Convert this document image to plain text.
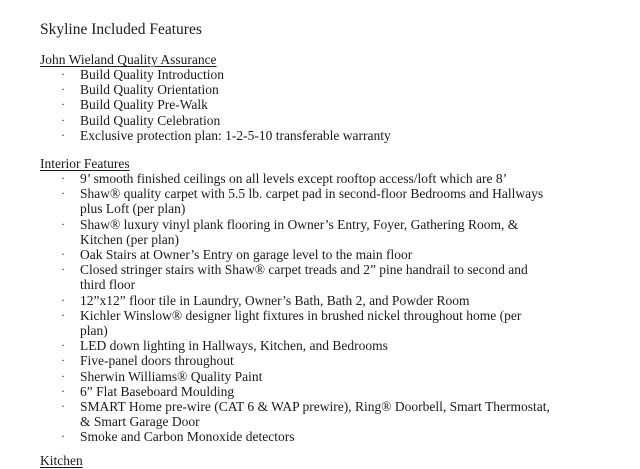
Skyline Included Features
John Wieland Quality Assurance
· Build Quality Introduction
· Build Quality Orientation
· Build Quality Pre-Walk
· Build Quality Celebration
· Exclusive protection plan: 1-2-5-10 transferable warranty
Interior Features
· 9’ smooth finished ceilings on all levels except rooftop access/loft which are 8’
· Shaw® quality carpet with 5.5 lb. carpet pad in second-floor Bedrooms and Hallways plus Loft (per plan)
· Shaw® luxury vinyl plank flooring in Owner’s Entry, Foyer, Gathering Room, & Kitchen (per plan)
· Oak Stairs at Owner’s Entry on garage level to the main floor
· Closed stringer stairs with Shaw® carpet treads and 2” pine handrail to second and third floor
· 12”x12” floor tile in Laundry, Owner’s Bath, Bath 2, and Powder Room
· Kichler Winslow® designer light fixtures in brushed nickel throughout home (per plan)
· LED down lighting in Hallways, Kitchen, and Bedrooms
· Five-panel doors throughout
· Sherwin Williams® Quality Paint
· 6” Flat Baseboard Moulding
· SMART Home pre-wire (CAT 6 & WAP prewire), Ring® Doorbell, Smart Thermostat, & Smart Garage Door
· Smoke and Carbon Monoxide detectors
Kitchen
